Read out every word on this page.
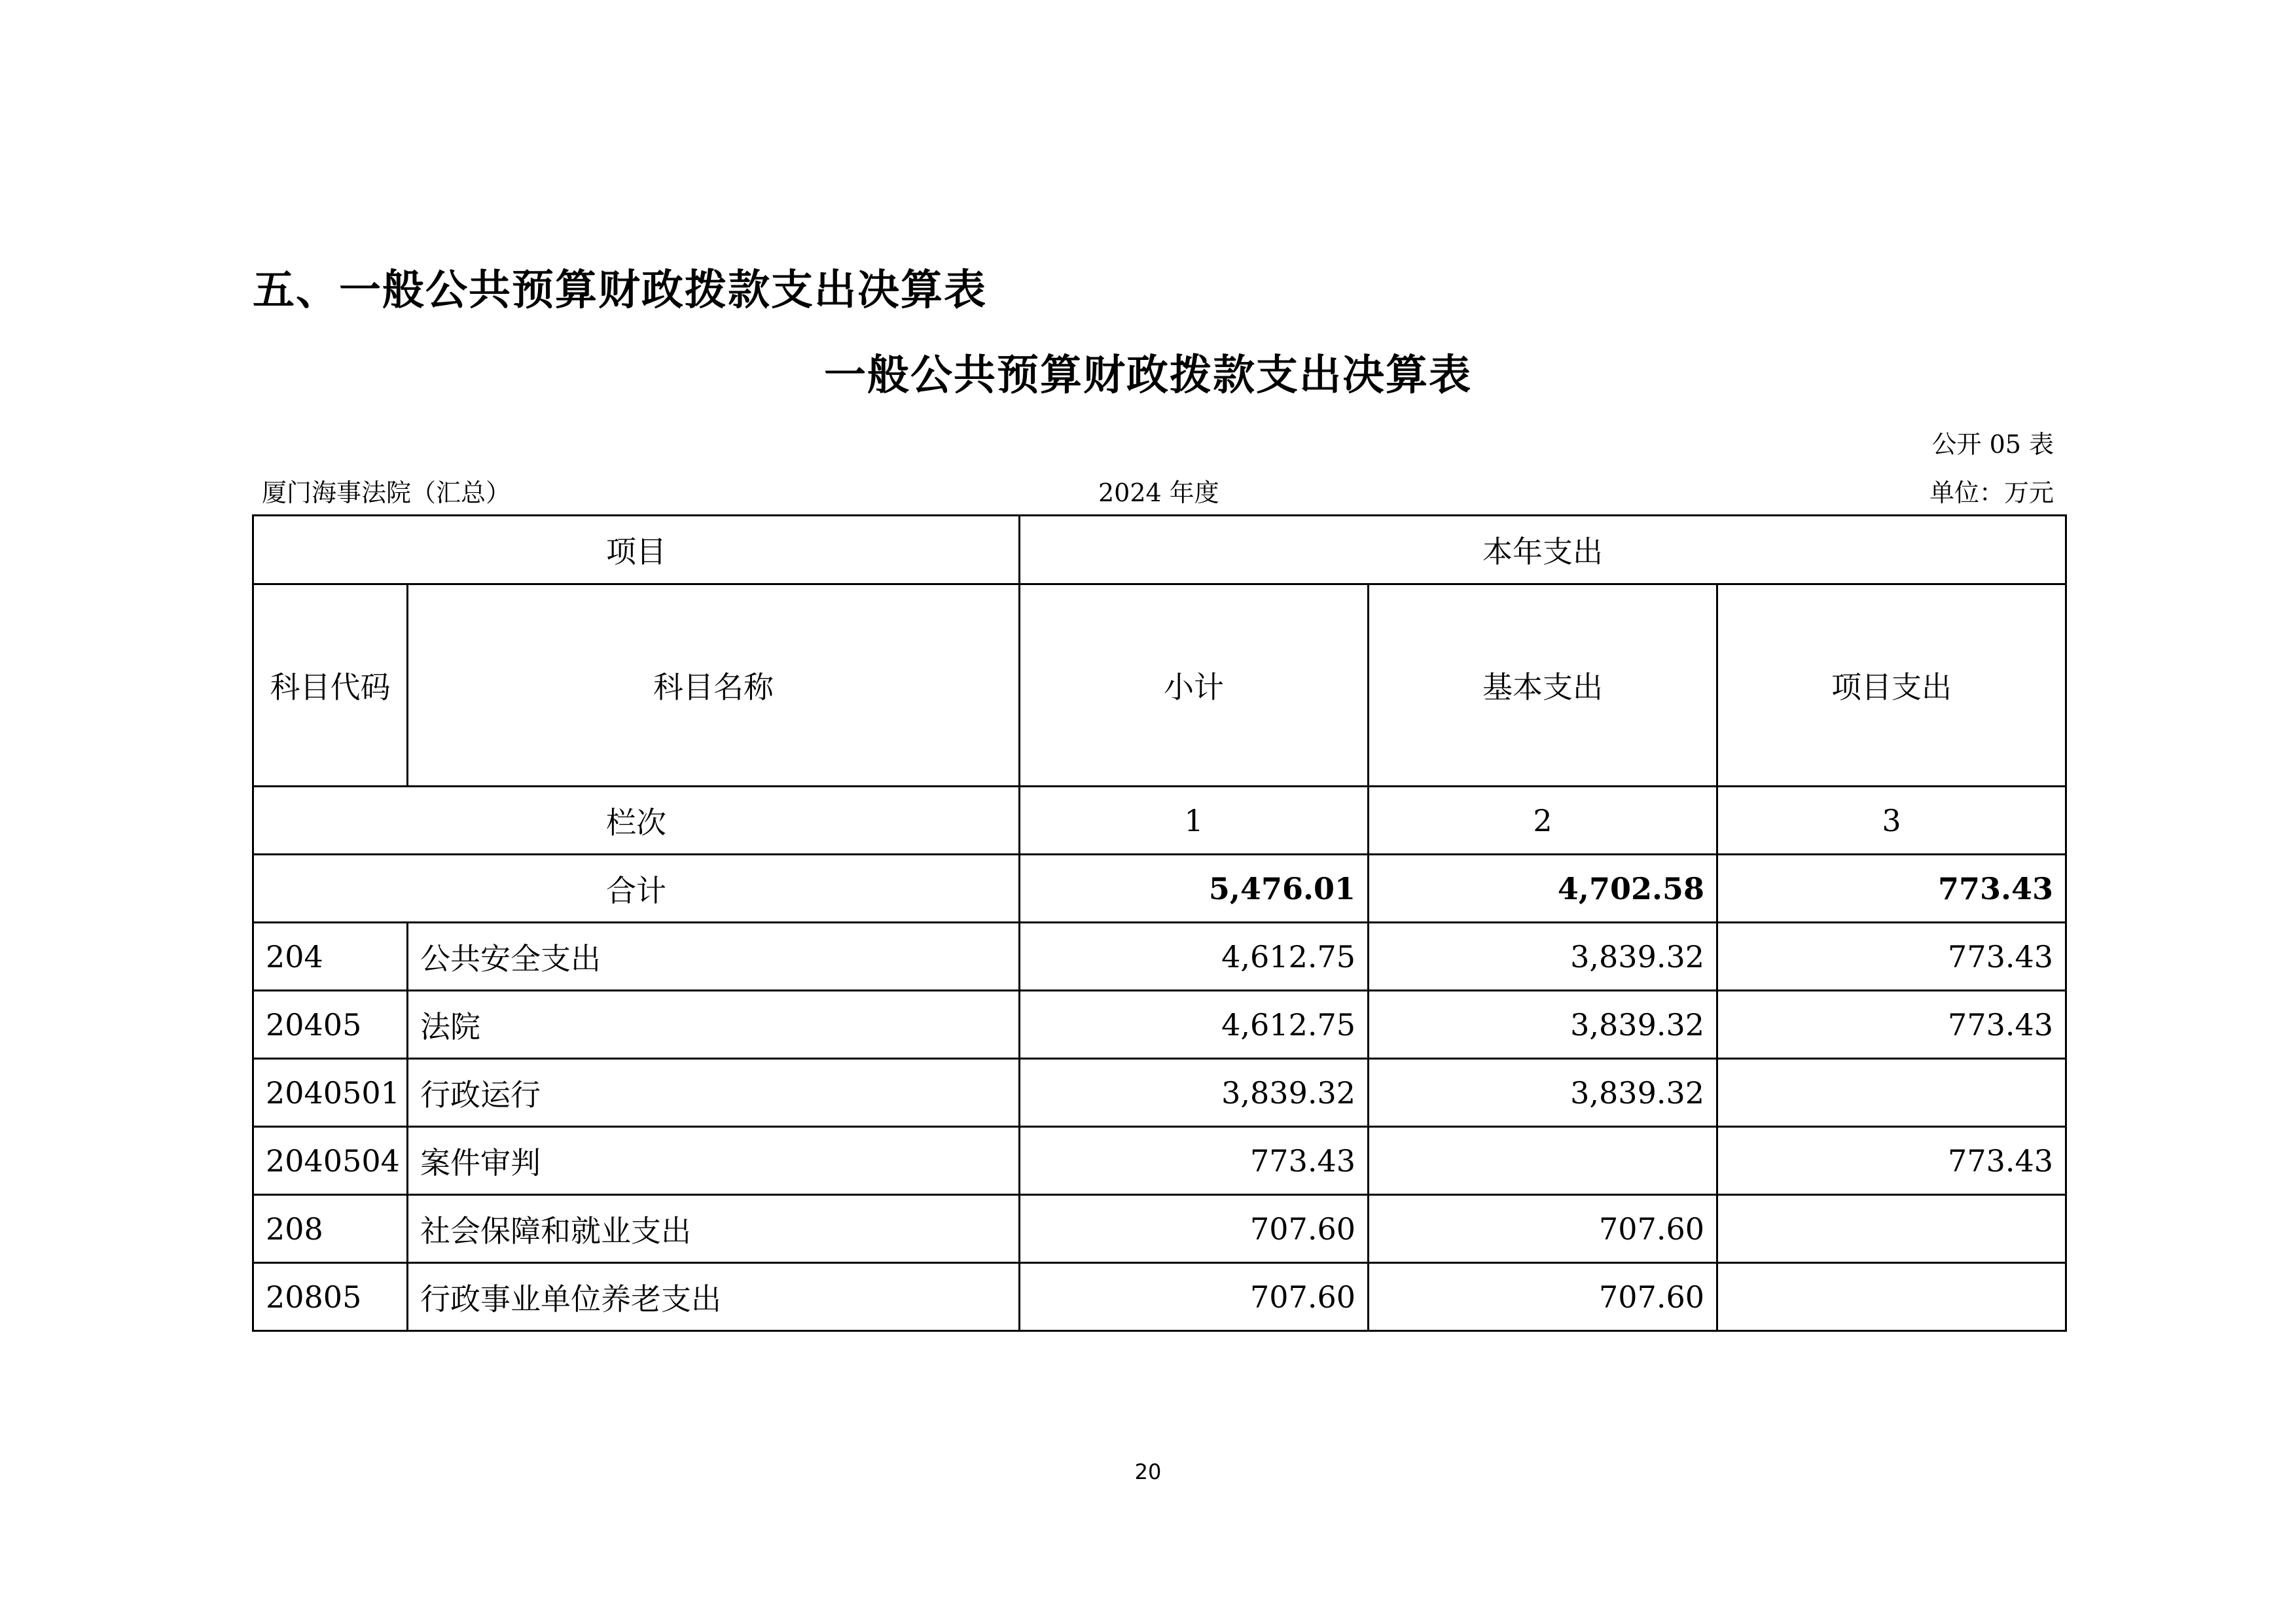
五、一般公共预算财政拨款支出决算表
一般公共预算财政拨款支出决算表
公开 05 表
厦门海事法院（汇总）	2024 年度	单位：万元
项目		本年支出		
科目代码	科目名称	小计	基本支出	项目支出
栏次		1	2	3
合计		5,476.01	4,702.58	773.43
204	公共安全支出	4,612.75	3,839.32	773.43
20405	法院	4,612.75	3,839.32	773.43
2040501	行政运行	3,839.32	3,839.32	
2040504	案件审判	773.43		773.43
208	社会保障和就业支出	707.60	707.60	
20805	行政事业单位养老支出	707.60	707.60	
20
